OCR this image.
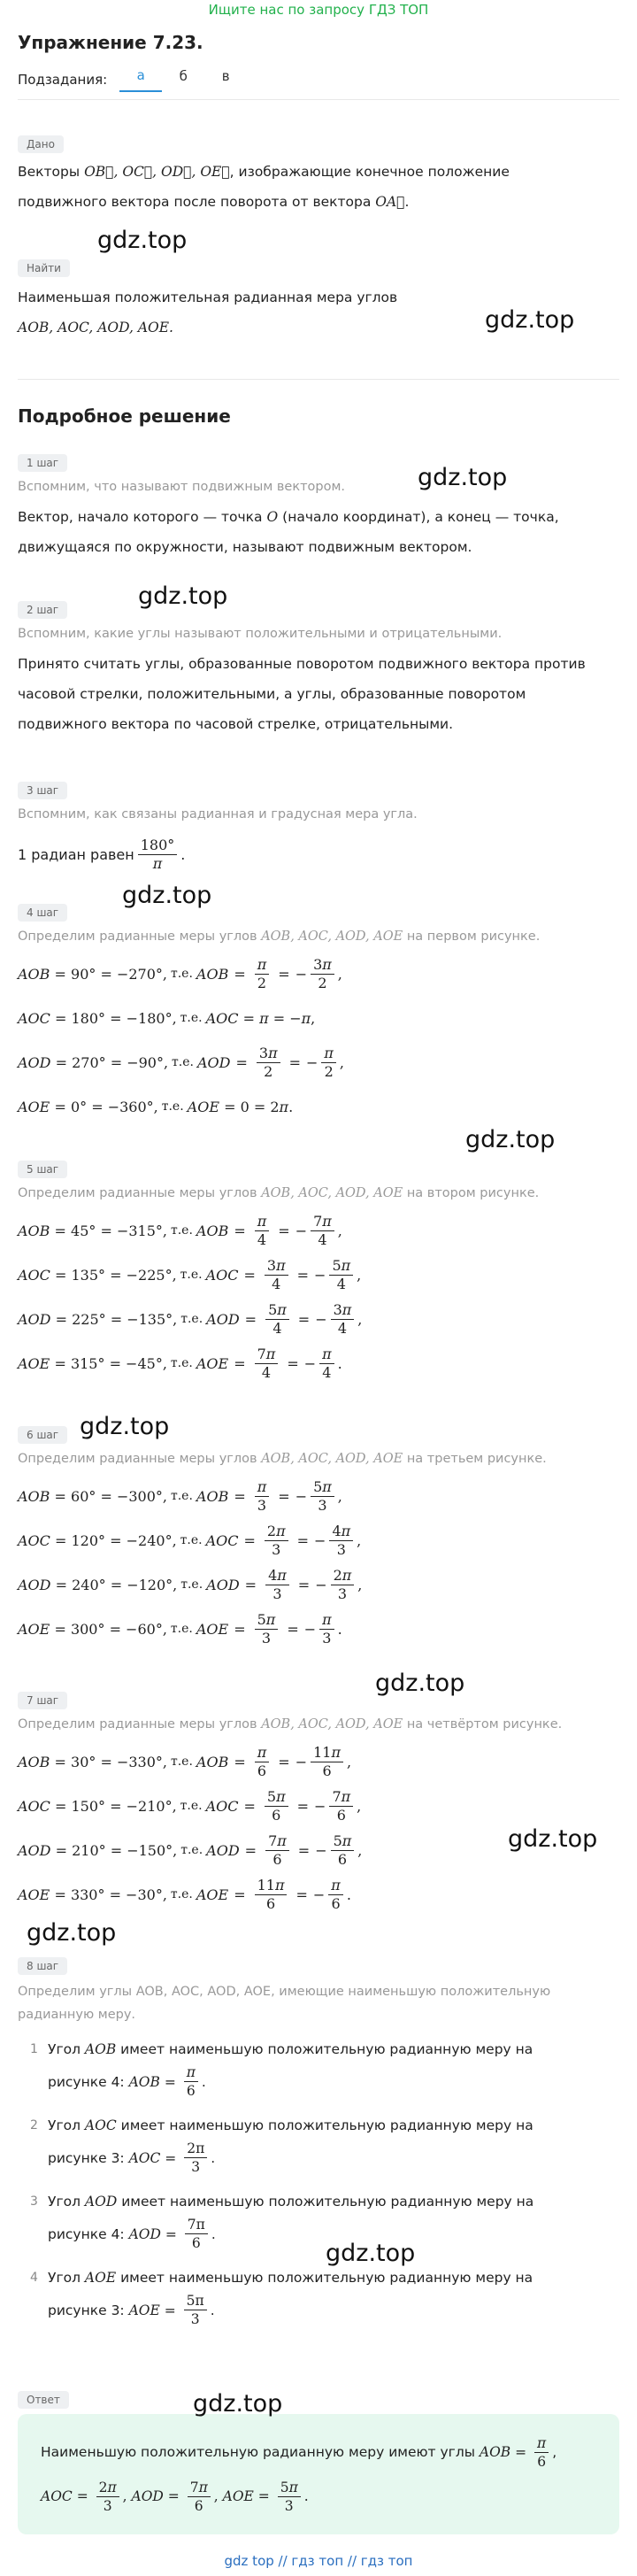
Ищите нас по запросу ГДЗ ТОП
Упражнение 7.23.
Подзадания:	а	б	в
Дано
Векторы OB⃗, OC⃗, OD⃗, OE⃗, изображающие конечное положение
подвижного вектора после поворота от вектора OA⃗.
Найти
Наименьшая положительная радианная мера углов
AOB, AOC, AOD, AOE.
Подробное решение
1 шаг
Вспомним, что называют подвижным вектором.
Вектор, начало которого — точка O (начало координат), а конец — точка,
движущаяся по окружности, называют подвижным вектором.
2 шаг
Вспомним, какие углы называют положительными и отрицательными.
Принято считать углы, образованные поворотом подвижного вектора против часовой стрелки, положительными, а углы, образованные поворотом подвижного вектора по часовой стрелке, отрицательными.
3 шаг
Вспомним, как связаны радианная и градусная мера угла.
1 радиан равен $\frac{180^\circ}{\pi}$ .
4 шаг
Определим радианные меры углов AOB, AOC, AOD, AOE на первом рисунке.
AOB = 90° = −270°, т.е. AOB = $\frac{\pi}{2}$ = − $\frac{3\pi}{2}$ ,
AOC = 180° = −180°, т.е. AOC = π = − π ,
AOD = 270° = −90°, т.е. AOD = $\frac{3\pi}{2}$ = − $\frac{\pi}{2}$ ,
AOE = 0° = −360°, т.е. AOE = 0 = 2 π .
5 шаг
Определим радианные меры углов AOB, AOC, AOD, AOE на втором рисунке.
AOB = 45° = −315°, т.е. AOB = $\frac{\pi}{4}$ = − $\frac{7\pi}{4}$ ,
AOC = 135° = −225°, т.е. AOC = $\frac{3\pi}{4}$ = − $\frac{5\pi}{4}$ ,
AOD = 225° = −135°, т.е. AOD = $\frac{5\pi}{4}$ = − $\frac{3\pi}{4}$ ,
AOE = 315° = −45°, т.е. AOE = $\frac{7\pi}{4}$ = − $\frac{\pi}{4}$ .
6 шаг
Определим радианные меры углов AOB, AOC, AOD, AOE на третьем рисунке.
AOB = 60° = −300°, т.е. AOB = $\frac{\pi}{3}$ = − $\frac{5\pi}{3}$ ,
AOC = 120° = −240°, т.е. AOC = $\frac{2\pi}{3}$ = − $\frac{4\pi}{3}$ ,
AOD = 240° = −120°, т.е. AOD = $\frac{4\pi}{3}$ = − $\frac{2\pi}{3}$ ,
AOE = 300° = −60°, т.е. AOE = $\frac{5\pi}{3}$ = − $\frac{\pi}{3}$ .
7 шаг
Определим радианные меры углов AOB, AOC, AOD, AOE на четвёртом рисунке.
AOB = 30° = −330°, т.е. AOB = $\frac{\pi}{6}$ = − $\frac{11\pi}{6}$ ,
AOC = 150° = −210°, т.е. AOC = $\frac{5\pi}{6}$ = − $\frac{7\pi}{6}$ ,
AOD = 210° = −150°, т.е. AOD = $\frac{7\pi}{6}$ = − $\frac{5\pi}{6}$ ,
AOE = 330° = −30°, т.е. AOE = $\frac{11\pi}{6}$ = − $\frac{\pi}{6}$ .
8 шаг
Определим углы AOB, AOC, AOD, AOE, имеющие наименьшую положительную радианную меру.
1 Угол AOB имеет наименьшую положительную радианную меру на
рисунке 4:
AOB = $\frac{\pi}{6}$ .
2 Угол AOC имеет наименьшую положительную радианную меру на
рисунке 3:
AOC = $\frac{2\pi}{3}$ .
3 Угол AOD имеет наименьшую положительную радианную меру на
рисунке 4:
AOD = $\frac{7\pi}{6}$ .
4 Угол AOE имеет наименьшую положительную радианную меру на
рисунке 3:
AOE = $\frac{5\pi}{3}$ .
Ответ
Наименьшую положительную радианную меру имеют углы
AOB = $\frac{\pi}{6}$ ,
AOC = $\frac{2\pi}{3}$ , AOD = $\frac{7\pi}{6}$ , AOE = $\frac{5\pi}{3}$ .
gdz.top
gdz.top
gdz.top
gdz.top
gdz.top
gdz.top
gdz.top
gdz.top
gdz.top
gdz.top
gdz.top
gdz.top
gdz top // гдз топ // гдз топ
